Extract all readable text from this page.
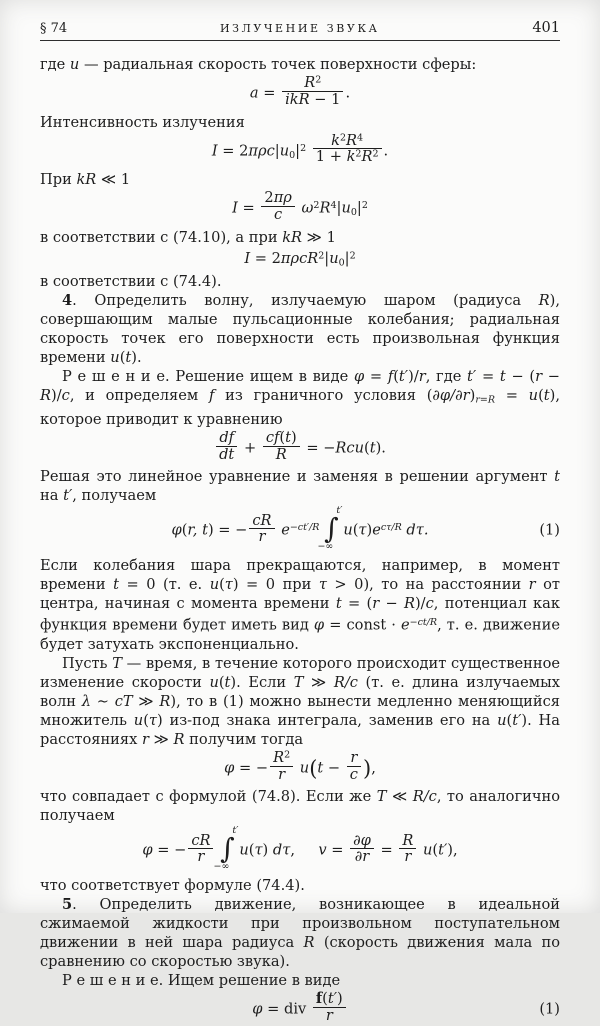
§ 74	ИЗЛУЧЕНИЕ ЗВУКА	401

где u — радиальная скорость точек поверхности сферы:

$a = \frac{R^2}{\text{ikR − 1}}$ .

Интенсивность излучения

$I = 2\pi\rho c|u0|^2 \frac{k^2R^4}{1 + k^2R^2}$ .

При kR ≪ 1

$I = \frac{2\pi\rho}{c} \omega^2R^4|u0|^2$

в соответствии с (74.10), а при kR ≫ 1

$I = 2\pi\rho cR^2|u0|^2$

в соответствии с (74.4).

4. Определить волну, излучаемую шаром (радиуса R), совершающим малые пульсационные колебания; радиальная скорость точек его поверхности есть произвольная функция времени u(t).

Р е ш е н и е. Решение ищем в виде φ = f(t′)/r, где t′ = t − (r − R)/c, и определяем f из граничного условия (∂φ/∂r)r=R = u(t), которое приводит к уравнению

$\frac{df}{dt} + \frac{cf(t)}{R} = -Rcu(t)$.

Решая это линейное уравнение и заменяя в решении аргумент t на t′, получаем

φ(r, t) = − $\frac{cR}{r} e^{-ct'/R}$
t′
∫
−∞
$u(\tau)e^{c\tau/R}$ dτ.	(1)

Если колебания шара прекращаются, например, в момент времени t = 0 (т. е. u(τ) = 0 при τ > 0), то на расстоянии r от центра, начиная с момента времени t = (r − R)/c, потенциал как функция времени будет иметь вид φ = const · $e^{-ct/R}$, т. е. движение будет затухать экспоненциально.

Пусть T — время, в течение которого происходит существенное изменение скорости u(t). Если T ≫ R/c (т. е. длина излучаемых волн λ ∼ cT ≫ R), то в (1) можно вынести медленно меняющийся множитель u(τ) из-под знака интеграла, заменив его на u(t′). На расстояниях r ≫ R получим тогда

φ = − $\frac{R^2}{r} u(t - \frac{r}{c}$ ),

что совпадает с формулой (74.8). Если же T ≪ R/c, то аналогично получаем

φ = − $\frac{cR}{r}$
t′
∫
−∞
u(τ) dτ, $v = \frac{\partial\varphi}{\partial r} = \frac{R}{r} u(t')$,

что соответствует формуле (74.4).

5. Определить движение, возникающее в идеальной сжимаемой жидкости при произвольном поступательном движении в ней шара радиуса R (скорость движения мала по сравнению со скоростью звука).

Р е ш е н и е. Ищем решение в виде

φ = div $\frac{f(t')}{r}$	(1)
